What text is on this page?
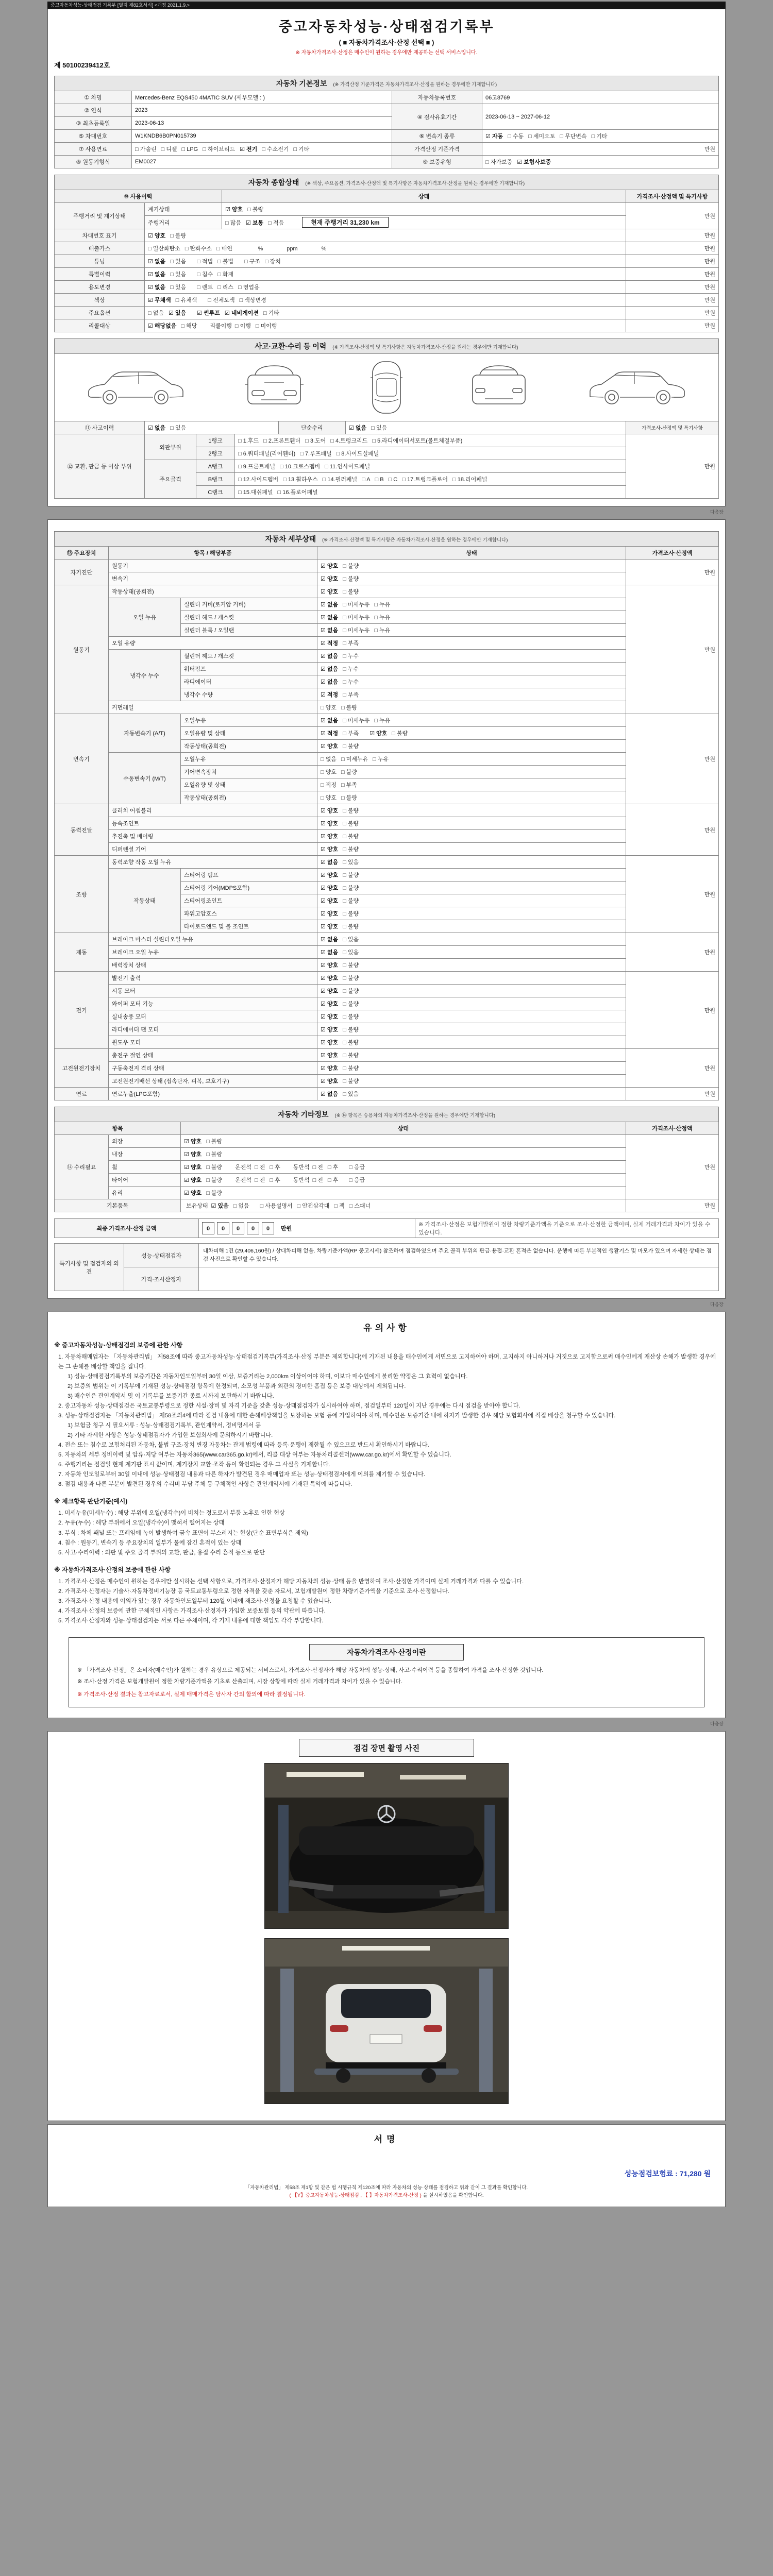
중고자동차성능·상태점검 기록부 [별지 제82호서식] <개정 2021.1.9.>
중고자동차성능·상태점검기록부
( ■ 자동차가격조사·산정 선택 ■ )
※ 자동차가격조사·산정은 매수인이 원하는 경우에만 제공하는 선택 서비스입니다.
제 50100239412호
자동차 기본정보 (※ 가격산정 기준가격은 자동차가격조사·산정을 원하는 경우에만 기재합니다)
① 차명	Mercedes-Benz EQS450 4MATIC SUV (세부모델 : )	자동차등록번호	06고8769
② 연식	2023	④ 검사유효기간	2023-06-13 ~ 2027-06-12
③ 최초등록일	2023-06-13		
⑤ 차대번호	W1KNDB6B0PN015739	⑥ 변속기 종류	☑ 자동 □ 수동 □ 세미오토 □ 무단변속 □ 기타
⑦ 사용연료	□ 가솔린 □ 디젤 □ LPG □ 하이브리드 ☑ 전기 □ 수소전기 □ 기타	가격산정 기준가격	만원
⑧ 원동기형식	EM0027	⑨ 보증유형	□ 자가보증 ☑ 보험사보증
자동차 종합상태 (※ 색상, 주요옵션, 가격조사·산정액 및 특기사항은 자동차가격조사·산정을 원하는 경우에만 기재합니다)
⑩ 사용이력		상태	가격조사·산정액 및 특기사항
주행거리 및 계기상태	계기상태	☑ 양호 □ 불량	만원
	주행거리	□ 많음 ☑ 보통 □ 적음 현재 주행거리 31,230 km	
차대번호 표기	☑ 양호 □ 불량		만원
배출가스	□ 일산화탄소 □ 탄화수소 □ 매연          %               ppm               %		만원
튜닝	☑ 없음 □ 있음 □ 적법 □ 불법 □ 구조 □ 장치		만원
특별이력	☑ 없음 □ 있음 □ 침수 □ 화재		만원
용도변경	☑ 없음 □ 있음 □ 렌트 □ 리스 □ 영업용		만원
색상	☑ 무채색 □ 유채색 □ 전체도색 □ 색상변경		만원
주요옵션	□ 없음 ☑ 있음 ☑ 썬루프 ☑ 네비게이션 □ 기타		만원
리콜대상	☑ 해당없음 □ 해당 리콜이행 □ 이행 □ 미이행		만원
사고·교환·수리 등 이력 (※ 가격조사·산정액 및 특기사항은 자동차가격조사·산정을 원하는 경우에만 기재합니다)
⑪ 사고이력	☑ 없음 □ 있음	단순수리	☑ 없음 □ 있음	가격조사·산정액 및 특기사항
⑫ 교환, 판금 등 이상 부위	외판부위	1랭크	□ 1.후드 □ 2.프론트휀더 □ 3.도어 □ 4.트렁크리드 □ 5.라디에이터서포트(볼트체결부품)	만원
		2랭크	□ 6.쿼터패널(리어휀더) □ 7.루프패널 □ 8.사이드실패널	
	주요골격	A랭크	□ 9.프론트패널 □ 10.크로스멤버 □ 11.인사이드패널	
		B랭크	□ 12.사이드멤버 □ 13.휠하우스 □ 14.필러패널 □ A □ B □ C □ 17.트렁크플로어 □ 18.리어패널	
		C랭크	□ 15.대쉬패널 □ 16.플로어패널	
다음장
자동차 세부상태 (※ 가격조사·산정액 및 특기사항은 자동차가격조사·산정을 원하는 경우에만 기재합니다)
⑬ 주요장치	항목 / 해당부품		상태	가격조사·산정액
자기진단	원동기		☑ 양호 □ 불량	만원
	변속기		☑ 양호 □ 불량	
원동기	작동상태(공회전)		☑ 양호 □ 불량	만원
	오일 누유	실린더 커버(로커암 커버)	☑ 없음 □ 미세누유 □ 누유	
		실린더 헤드 / 개스킷	☑ 없음 □ 미세누유 □ 누유	
		실린더 블록 / 오일팬	☑ 없음 □ 미세누유 □ 누유	
	오일 유량		☑ 적정 □ 부족	
	냉각수 누수	실린더 헤드 / 개스킷	☑ 없음 □ 누수	
		워터펌프	☑ 없음 □ 누수	
		라디에이터	☑ 없음 □ 누수	
		냉각수 수량	☑ 적정 □ 부족	
	커먼레일		□ 양호 □ 불량	
변속기	자동변속기 (A/T)	오일누유	☑ 없음 □ 미세누유 □ 누유	만원
		오일유량 및 상태	☑ 적정 □ 부족 ☑ 양호 □ 불량	
		작동상태(공회전)	☑ 양호 □ 불량	
	수동변속기 (M/T)	오일누유	□ 없음 □ 미세누유 □ 누유	
		기어변속장치	□ 양호 □ 불량	
		오일유량 및 상태	□ 적정 □ 부족	
		작동상태(공회전)	□ 양호 □ 불량	
동력전달	클러치 어셈블리		☑ 양호 □ 불량	만원
	등속조인트		☑ 양호 □ 불량	
	추진축 및 베어링		☑ 양호 □ 불량	
	디퍼렌셜 기어		☑ 양호 □ 불량	
조향	동력조향 작동 오일 누유		☑ 없음 □ 있음	만원
	작동상태	스티어링 펌프	☑ 양호 □ 불량	
		스티어링 기어(MDPS포함)	☑ 양호 □ 불량	
		스티어링조인트	☑ 양호 □ 불량	
		파워고압호스	☑ 양호 □ 불량	
		타이로드엔드 및 볼 조인트	☑ 양호 □ 불량	
제동	브레이크 마스터 실린더오일 누유		☑ 없음 □ 있음	만원
	브레이크 오일 누유		☑ 없음 □ 있음	
	배력장치 상태		☑ 양호 □ 불량	
전기	발전기 출력		☑ 양호 □ 불량	만원
	시동 모터		☑ 양호 □ 불량	
	와이퍼 모터 기능		☑ 양호 □ 불량	
	실내송풍 모터		☑ 양호 □ 불량	
	라디에이터 팬 모터		☑ 양호 □ 불량	
	윈도우 모터		☑ 양호 □ 불량	
고전원전기장치	충전구 절연 상태		☑ 양호 □ 불량	만원
	구동축전지 격리 상태		☑ 양호 □ 불량	
	고전원전기배선 상태 (접속단자, 피복, 보호기구)		☑ 양호 □ 불량	
연료	연료누출(LPG포함)		☑ 없음 □ 있음	만원
자동차 기타정보 (※ ⑭ 항목은 승용차의 자동차가격조사·산정을 원하는 경우에만 기재합니다)
항목		상태	가격조사·산정액
⑭ 수리필요	외장	☑ 양호 □ 불량	만원
	내장	☑ 양호 □ 불량	
	휠	☑ 양호 □ 불량 운전석 □ 전 □ 후 동반석 □ 전 □ 후 □ 응급	
	타이어	☑ 양호 □ 불량 운전석 □ 전 □ 후 동반석 □ 전 □ 후 □ 응급	
	유리	☑ 양호 □ 불량	
기본품목		보유상태 ☑ 있음 □ 없음 □ 사용설명서 □ 안전삼각대 □ 잭 □ 스패너	만원
최종 가격조사·산정 금액	0 0 0 0 0 만원	※ 가격조사·산정은 보험개발원이 정한 차량기준가액을 기준으로 조사·산정한 금액이며, 실제 거래가격과 차이가 있을 수 있습니다.
특기사항 및 점검자의 의견	성능·상태점검자	내차피해 1건 (29,406,160원) / 상대차피해 없음. 차량기준가액(RP 중고시세) 참조하여 점검하였으며 주요 골격 부위의 판금·용접·교환 흔적은 없습니다. 운행에 따른 부분적인 생활기스 및 마모가 있으며 자세한 상태는 점검 사진으로 확인할 수 있습니다.
	가격·조사산정자	
다음장
유의사항
※ 중고자동차성능·상태점검의 보증에 관한 사항
1. 자동차매매업자는 「자동차관리법」 제58조에 따라 중고자동차성능·상태점검기록부(가격조사·산정 부분은 제외합니다)에 기재된 내용을 매수인에게 서면으로 고지하여야 하며, 고지하지 아니하거나 거짓으로 고지함으로써 매수인에게 재산상 손해가 발생한 경우에는 그 손해를 배상할 책임을 집니다.
1) 성능·상태점검기록부의 보증기간은 자동차인도일부터 30일 이상, 보증거리는 2,000km 이상이어야 하며, 이보다 매수인에게 불리한 약정은 그 효력이 없습니다.
2) 보증의 범위는 이 기록부에 기재된 성능·상태점검 항목에 한정되며, 소모성 부품과 외관의 경미한 흠집 등은 보증 대상에서 제외됩니다.
3) 매수인은 관인계약서 및 이 기록부를 보증기간 종료 시까지 보관하시기 바랍니다.
2. 중고자동차 성능·상태점검은 국토교통부령으로 정한 시설·장비 및 자격 기준을 갖춘 성능·상태점검자가 실시하여야 하며, 점검일부터 120일이 지난 경우에는 다시 점검을 받아야 합니다.
3. 성능·상태점검자는 「자동차관리법」 제58조의4에 따라 점검 내용에 대한 손해배상책임을 보장하는 보험 등에 가입하여야 하며, 매수인은 보증기간 내에 하자가 발생한 경우 해당 보험회사에 직접 배상을 청구할 수 있습니다.
1) 보험금 청구 시 필요서류 : 성능·상태점검기록부, 관인계약서, 정비명세서 등
2) 기타 자세한 사항은 성능·상태점검자가 가입한 보험회사에 문의하시기 바랍니다.
4. 전손 또는 침수로 보험처리된 자동차, 불법 구조·장치 변경 자동차는 관계 법령에 따라 등록·운행이 제한될 수 있으므로 반드시 확인하시기 바랍니다.
5. 자동차의 세부 정비이력 및 압류·저당 여부는 자동차365(www.car365.go.kr)에서, 리콜 대상 여부는 자동차리콜센터(www.car.go.kr)에서 확인할 수 있습니다.
6. 주행거리는 점검일 현재 계기판 표시 값이며, 계기장치 교환·조작 등이 확인되는 경우 그 사실을 기재합니다.
7. 자동차 인도일로부터 30일 이내에 성능·상태점검 내용과 다른 하자가 발견된 경우 매매업자 또는 성능·상태점검자에게 이의를 제기할 수 있습니다.
8. 점검 내용과 다른 부분이 발견된 경우의 수리비 부담 주체 등 구체적인 사항은 관인계약서에 기재된 특약에 따릅니다.
※ 체크항목 판단기준(예시)
1. 미세누유(미세누수) : 해당 부위에 오일(냉각수)이 비치는 정도로서 부품 노후로 인한 현상
2. 누유(누수) : 해당 부위에서 오일(냉각수)이 맺혀서 떨어지는 상태
3. 부식 : 차체 패널 또는 프레임에 녹이 발생하여 금속 표면이 부스러지는 현상(단순 표면부식은 제외)
4. 침수 : 원동기, 변속기 등 주요장치의 일부가 물에 잠긴 흔적이 있는 상태
5. 사고·수리이력 : 외판 및 주요 골격 부위의 교환, 판금, 용접 수리 흔적 등으로 판단
※ 자동차가격조사·산정의 보증에 관한 사항
1. 가격조사·산정은 매수인이 원하는 경우에만 실시하는 선택 사항으로, 가격조사·산정자가 해당 자동차의 성능·상태 등을 반영하여 조사·산정한 가격이며 실제 거래가격과 다를 수 있습니다.
2. 가격조사·산정자는 기술사·자동차정비기능장 등 국토교통부령으로 정한 자격을 갖춘 자로서, 보험개발원이 정한 차량기준가액을 기준으로 조사·산정합니다.
3. 가격조사·산정 내용에 이의가 있는 경우 자동차인도일부터 120일 이내에 재조사·산정을 요청할 수 있습니다.
4. 가격조사·산정의 보증에 관한 구체적인 사항은 가격조사·산정자가 가입한 보증보험 등의 약관에 따릅니다.
5. 가격조사·산정자와 성능·상태점검자는 서로 다른 주체이며, 각 기재 내용에 대한 책임도 각각 부담합니다.
자동차가격조사·산정이란
※ 「가격조사·산정」은 소비자(매수인)가 원하는 경우 유상으로 제공되는 서비스로서, 가격조사·산정자가 해당 자동차의 성능·상태, 사고·수리이력 등을 종합하여 가격을 조사·산정한 것입니다.
※ 조사·산정 가격은 보험개발원이 정한 차량기준가액을 기초로 산출되며, 시장 상황에 따라 실제 거래가격과 차이가 있을 수 있습니다.
※ 가격조사·산정 결과는 참고자료로서, 실제 매매가격은 당사자 간의 합의에 따라 결정됩니다.
다음장
점검 장면 촬영 사진
서명
성능점검보험료 : 71,280 원
「자동차관리법」 제58조 제1항 및 같은 법 시행규칙 제120조에 따라 자동차의 성능·상태를 점검하고 위와 같이 그 결과를 확인합니다.
( 【Y】중고자동차성능·상태점검 , 【 】자동차가격조사·산정 ) 을 실시하였음을 확인합니다.
